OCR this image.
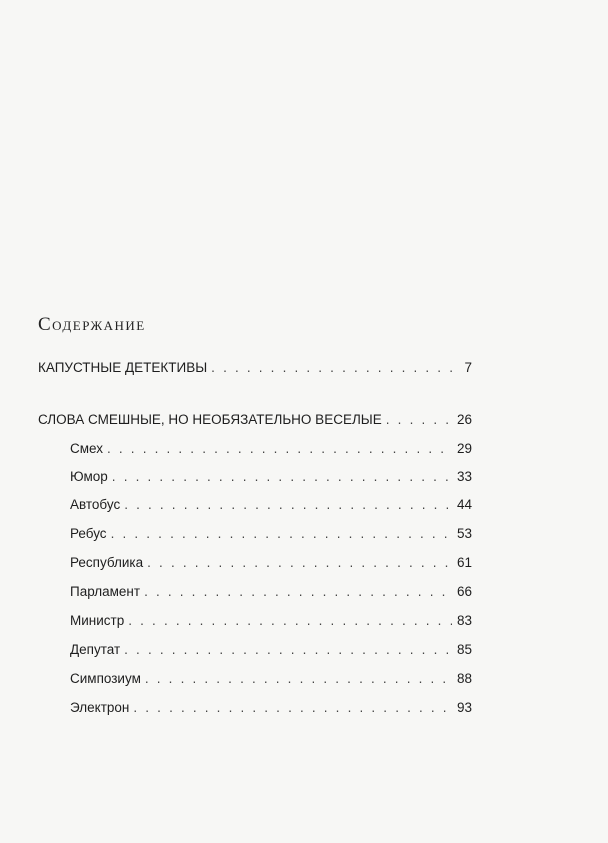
Содержание
КАПУСТНЫЕ ДЕТЕКТИВЫ . . .	7
СЛОВА СМЕШНЫЕ, НО НЕОБЯЗАТЕЛЬНО ВЕСЕЛЫЕ . . .	26
Смех . . .	29
Юмор . . .	33
Автобус . . .	44
Ребус . . .	53
Республика . . .	61
Парламент . . .	66
Министр . . .	83
Депутат . . .	85
Симпозиум . . .	88
Электрон . . .	93
